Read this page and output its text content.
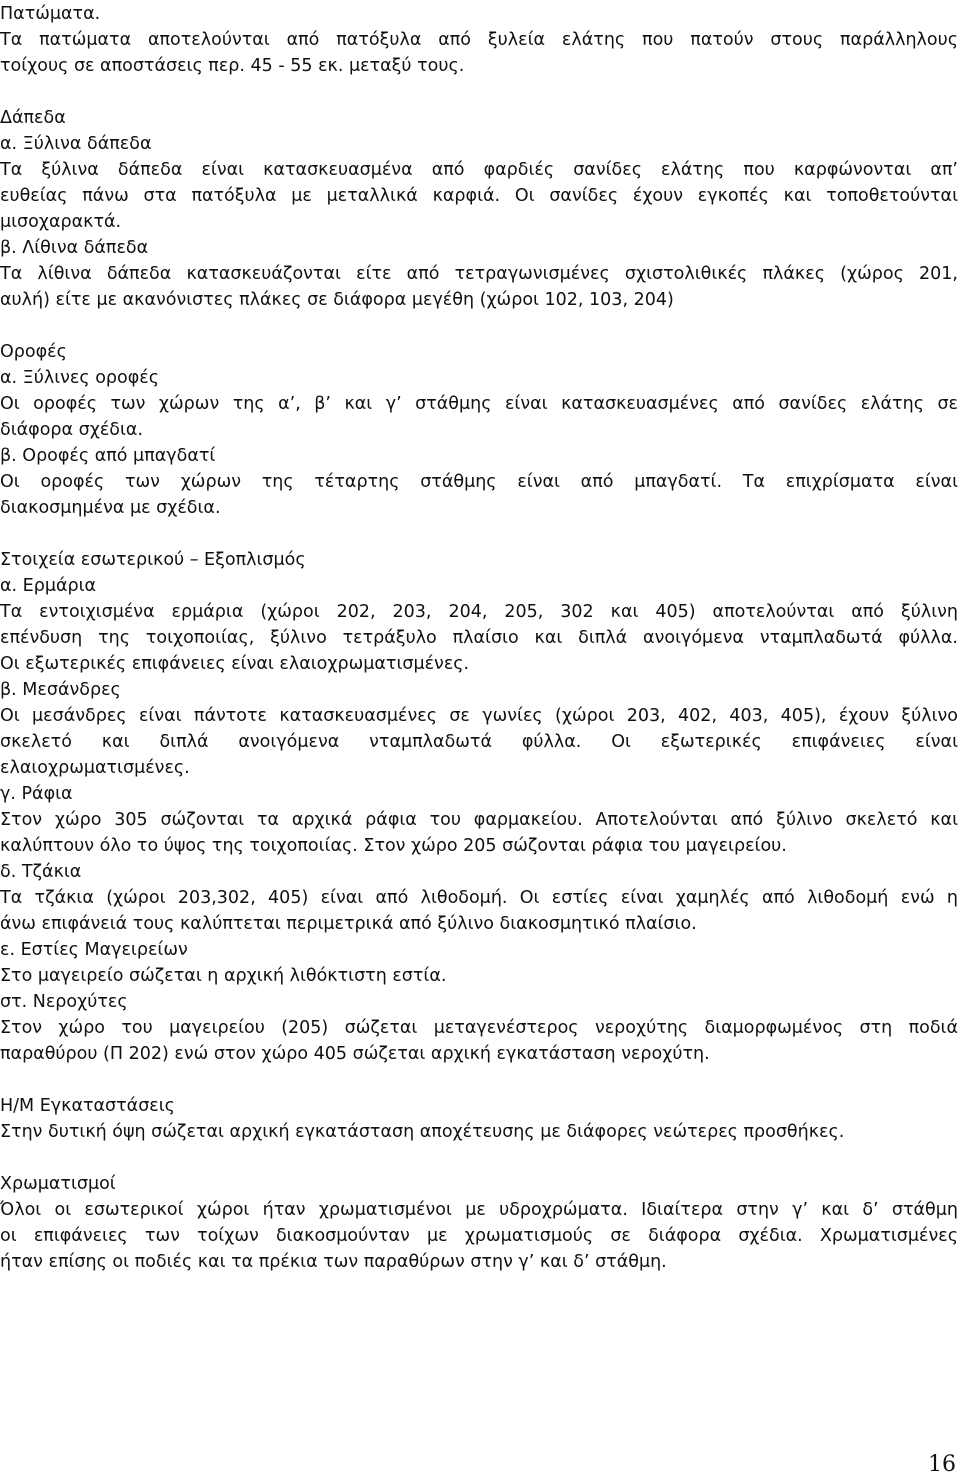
Πατώματα.
Τα πατώματα αποτελούνται από πατόξυλα από ξυλεία ελάτης που πατούν στους παράλληλους
τοίχους σε αποστάσεις περ. 45 - 55 εκ. μεταξύ τους.
Δάπεδα
α. Ξύλινα δάπεδα
Τα ξύλινα δάπεδα είναι κατασκευασμένα από φαρδιές σανίδες ελάτης που καρφώνονται απ’
ευθείας πάνω στα πατόξυλα με μεταλλικά καρφιά. Οι σανίδες έχουν εγκοπές και τοποθετούνται
μισοχαρακτά.
β. Λίθινα δάπεδα
Τα λίθινα δάπεδα κατασκευάζονται είτε από τετραγωνισμένες σχιστολιθικές πλάκες (χώρος 201,
αυλή) είτε με ακανόνιστες πλάκες σε διάφορα μεγέθη (χώροι 102, 103, 204)
Οροφές
α. Ξύλινες οροφές
Οι οροφές των χώρων της α’, β’ και γ’ στάθμης είναι κατασκευασμένες από σανίδες ελάτης σε
διάφορα σχέδια.
β. Οροφές από μπαγδατί
Οι οροφές των χώρων της τέταρτης στάθμης είναι από μπαγδατί. Τα επιχρίσματα είναι
διακοσμημένα με σχέδια.
Στοιχεία εσωτερικού – Εξοπλισμός
α. Ερμάρια
Τα εντοιχισμένα ερμάρια (χώροι 202, 203, 204, 205, 302 και 405) αποτελούνται από ξύλινη
επένδυση της τοιχοποιίας, ξύλινο τετράξυλο πλαίσιο και διπλά ανοιγόμενα νταμπλαδωτά φύλλα.
Οι εξωτερικές επιφάνειες είναι ελαιοχρωματισμένες.
β. Μεσάνδρες
Οι μεσάνδρες είναι πάντοτε κατασκευασμένες σε γωνίες (χώροι 203, 402, 403, 405), έχουν ξύλινο
σκελετό και διπλά ανοιγόμενα νταμπλαδωτά φύλλα. Οι εξωτερικές επιφάνειες είναι
ελαιοχρωματισμένες.
γ. Ράφια
Στον χώρο 305 σώζονται τα αρχικά ράφια του φαρμακείου. Αποτελούνται από ξύλινο σκελετό και
καλύπτουν όλο το ύψος της τοιχοποιίας. Στον χώρο 205 σώζονται ράφια του μαγειρείου.
δ. Τζάκια
Τα τζάκια (χώροι 203,302, 405) είναι από λιθοδομή. Οι εστίες είναι χαμηλές από λιθοδομή ενώ η
άνω επιφάνειά τους καλύπτεται περιμετρικά από ξύλινο διακοσμητικό πλαίσιο.
ε. Εστίες Μαγειρείων
Στο μαγειρείο σώζεται η αρχική λιθόκτιστη εστία.
στ. Νεροχύτες
Στον χώρο του μαγειρείου (205) σώζεται μεταγενέστερος νεροχύτης διαμορφωμένος στη ποδιά
παραθύρου (Π 202) ενώ στον χώρο 405 σώζεται αρχική εγκατάσταση νεροχύτη.
Η/Μ Εγκαταστάσεις
Στην δυτική όψη σώζεται αρχική εγκατάσταση αποχέτευσης με διάφορες νεώτερες προσθήκες.
Χρωματισμοί
Όλοι οι εσωτερικοί χώροι ήταν χρωματισμένοι με υδροχρώματα. Ιδιαίτερα στην γ’ και δ’ στάθμη
οι επιφάνειες των τοίχων διακοσμούνταν με χρωματισμούς σε διάφορα σχέδια. Χρωματισμένες
ήταν επίσης οι ποδιές και τα πρέκια των παραθύρων στην γ’ και δ’ στάθμη.
16
